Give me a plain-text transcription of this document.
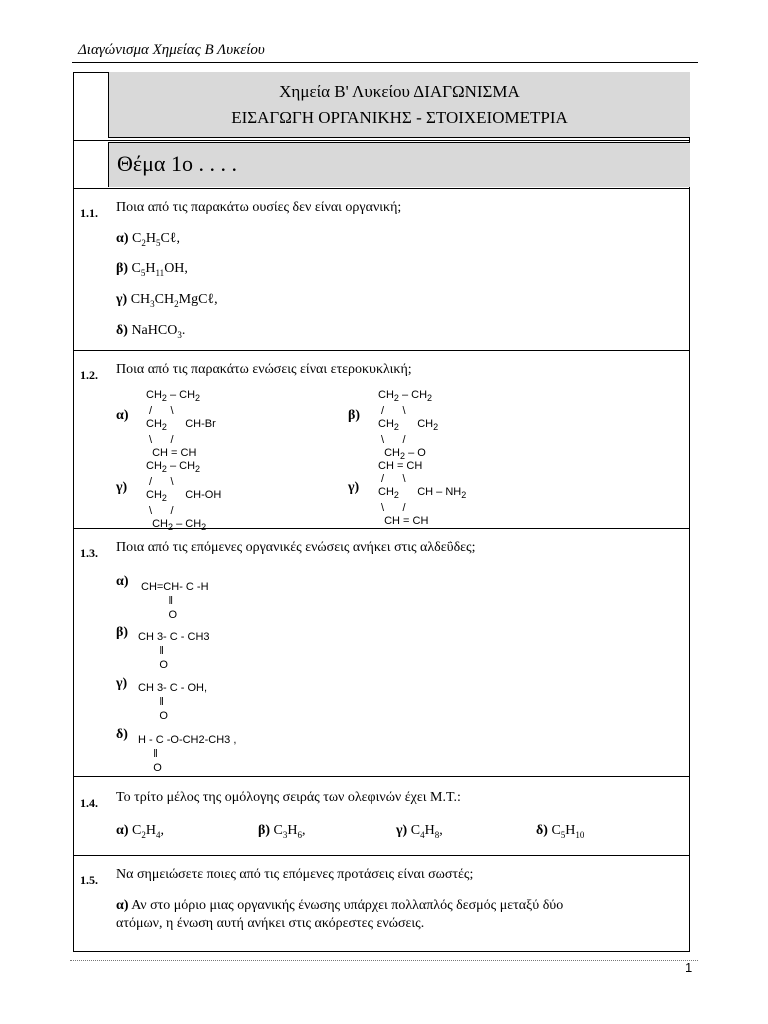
Διαγώνισμα Χημείας Β Λυκείου
Χημεία Β' Λυκείου ΔΙΑΓΩΝΙΣΜΑ
ΕΙΣΑΓΩΓΗ ΟΡΓΑΝΙΚΗΣ - ΣΤΟΙΧΕΙΟΜΕΤΡΙΑ
Θέμα 1ο . . . .
1.1. Ποια από τις παρακάτω ουσίες δεν είναι οργανική;
α) $C_2H_5C\ell$,
β) $C_5H_{11}OH$,
γ) $CH_3CH_2MgC\ell$,
δ) NaHCO$_3$.
1.2. Ποια από τις παρακάτω ενώσεις είναι ετεροκυκλική;
α)
$CH_2 - CH_2$
/      \
$CH_2$      CH-Br
\      /
CH = CH
β)
$CH_2 - CH_2$
/      \
$CH_2$      $CH_2$
\      /
$CH_2$ – O
γ)
$CH_2 - CH_2$
/      \
$CH_2$      CH-OH
\      /
$CH_2 - CH_2$
γ)
CH = CH
/      \
$CH_2$      CH – $NH_2$
\      /
CH = CH
1.3. Ποια από τις επόμενες οργανικές ενώσεις ανήκει στις αλδεΰδες;
α) CH=CH- C -H
‖
O
β) CH 3- C - CH3
‖
O
γ) CH 3- C - OH,
‖
O
δ) H - C -O-CH2-CH3 ,
‖
O
1.4. Το τρίτο μέλος της ομόλογης σειράς των ολεφινών έχει Μ.Τ.:
α) $C_2H_4$,	β) $C_3H_6$,	γ) $C_4H_8$,	δ) $C_5H_{10}$
1.5. Να σημειώσετε ποιες από τις επόμενες προτάσεις είναι σωστές;
α) Αν στο μόριο μιας οργανικής ένωσης υπάρχει πολλαπλός δεσμός μεταξύ δύο
ατόμων, η ένωση αυτή ανήκει στις ακόρεστες ενώσεις.
1
